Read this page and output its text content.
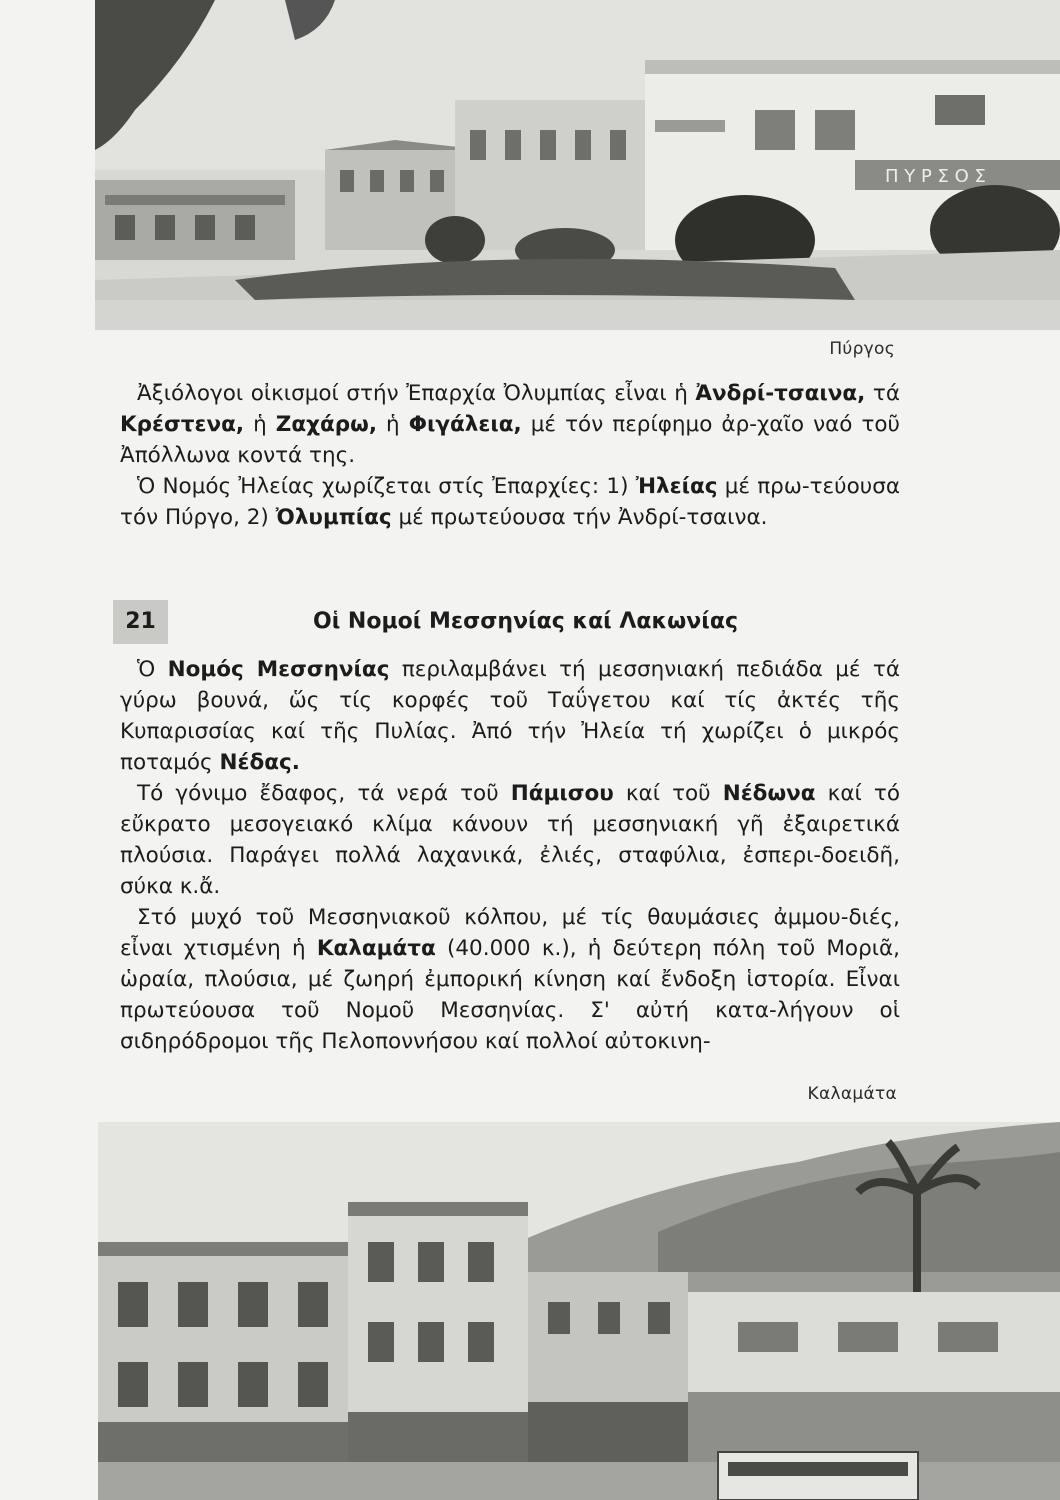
Π Υ Ρ Σ Ο Σ
Πύργος

Ἀξιόλογοι οἰκισμοί στήν Ἐπαρχία Ὀλυμπίας εἶναι ἡ Ἀνδρί-τσαινα, τά Κρέστενα, ἡ Ζαχάρω, ἡ Φιγάλεια, μέ τόν περίφημο ἀρ-χαῖο ναό τοῦ Ἀπόλλωνα κοντά της.

Ὁ Νομός Ἠλείας χωρίζεται στίς Ἐπαρχίες: 1) Ἠλείας μέ πρω-τεύουσα τόν Πύργο, 2) Ὀλυμπίας μέ πρωτεύουσα τήν Ἀνδρί-τσαινα.

21	Οἱ Νομοί Μεσσηνίας καί Λακωνίας

Ὁ Νομός Μεσσηνίας περιλαμβάνει τή μεσσηνιακή πεδιάδα μέ τά γύρω βουνά, ὥς τίς κορφές τοῦ Ταΰγετου καί τίς ἀκτές τῆς Κυπαρισσίας καί τῆς Πυλίας. Ἀπό τήν Ἠλεία τή χωρίζει ὁ μικρός ποταμός Νέδας.

Τό γόνιμο ἔδαφος, τά νερά τοῦ Πάμισου καί τοῦ Νέδωνα καί τό εὔκρατο μεσογειακό κλίμα κάνουν τή μεσσηνιακή γῆ ἐξαιρετικά πλούσια. Παράγει πολλά λαχανικά, ἐλιές, σταφύλια, ἐσπερι-δοειδῆ, σύκα κ.ἄ.

Στό μυχό τοῦ Μεσσηνιακοῦ κόλπου, μέ τίς θαυμάσιες ἀμμου-διές, εἶναι χτισμένη ἡ Καλαμάτα (40.000 κ.), ἡ δεύτερη πόλη τοῦ Μοριᾶ, ὡραία, πλούσια, μέ ζωηρή ἐμπορική κίνηση καί ἔνδοξη ἱστορία. Εἶναι πρωτεύουσα τοῦ Νομοῦ Μεσσηνίας. Σ' αὐτή κατα-λήγουν οἱ σιδηρόδρομοι τῆς Πελοποννήσου καί πολλοί αὐτοκινη-

Καλαμάτα
